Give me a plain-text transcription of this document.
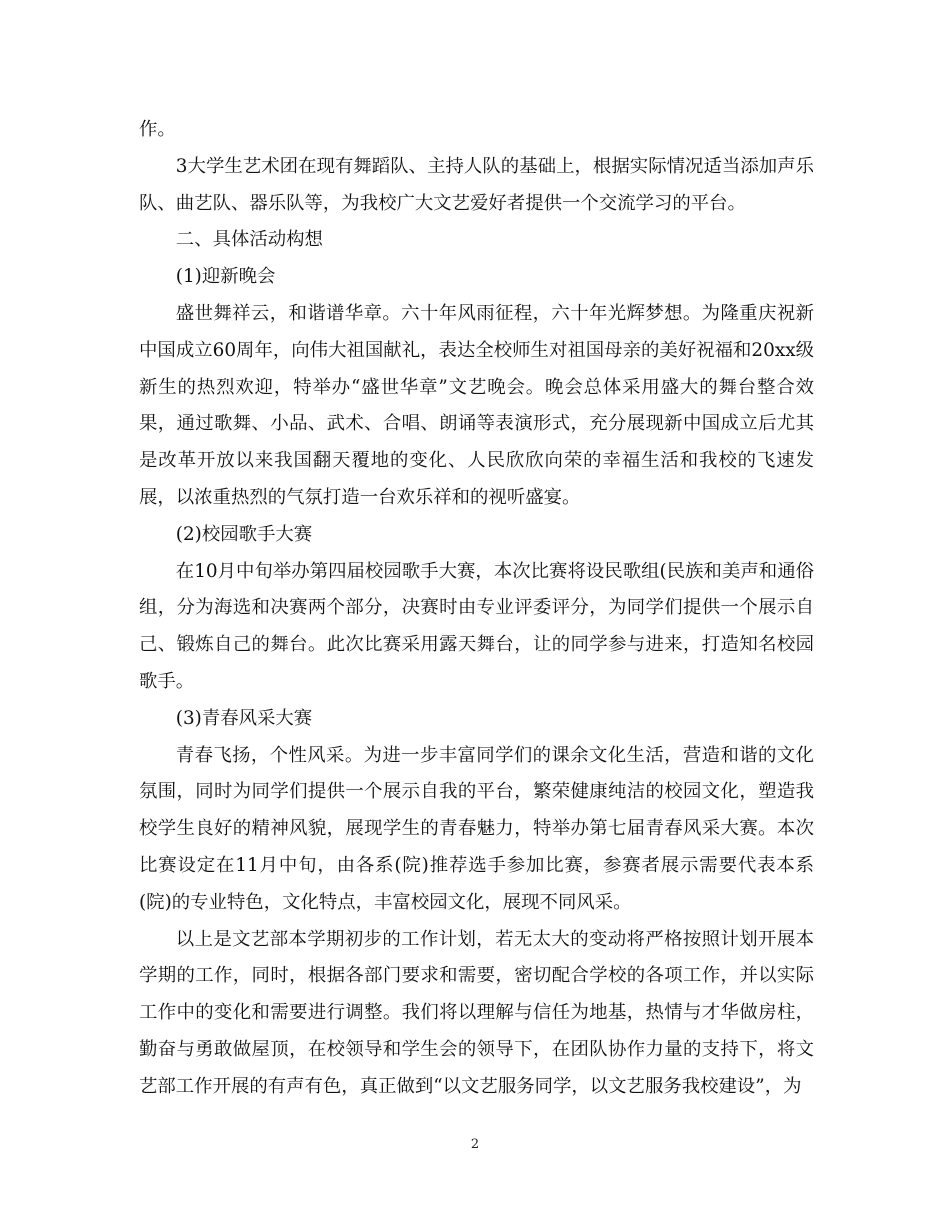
作。

3大学生艺术团在现有舞蹈队、主持人队的基础上，根据实际情况适当添加声乐队、曲艺队、器乐队等，为我校广大文艺爱好者提供一个交流学习的平台。

二、具体活动构想

(1)迎新晚会

盛世舞祥云，和谐谱华章。六十年风雨征程，六十年光辉梦想。为隆重庆祝新中国成立60周年，向伟大祖国献礼，表达全校师生对祖国母亲的美好祝福和20xx级新生的热烈欢迎，特举办“盛世华章”文艺晚会。晚会总体采用盛大的舞台整合效果，通过歌舞、小品、武术、合唱、朗诵等表演形式，充分展现新中国成立后尤其是改革开放以来我国翻天覆地的变化、人民欣欣向荣的幸福生活和我校的飞速发展，以浓重热烈的气氛打造一台欢乐祥和的视听盛宴。

(2)校园歌手大赛

在10月中旬举办第四届校园歌手大赛，本次比赛将设民歌组(民族和美声和通俗组，分为海选和决赛两个部分，决赛时由专业评委评分，为同学们提供一个展示自己、锻炼自己的舞台。此次比赛采用露天舞台，让的同学参与进来，打造知名校园歌手。

(3)青春风采大赛

青春飞扬，个性风采。为进一步丰富同学们的课余文化生活，营造和谐的文化氛围，同时为同学们提供一个展示自我的平台，繁荣健康纯洁的校园文化，塑造我校学生良好的精神风貌，展现学生的青春魅力，特举办第七届青春风采大赛。本次比赛设定在11月中旬，由各系(院)推荐选手参加比赛，参赛者展示需要代表本系(院)的专业特色，文化特点，丰富校园文化，展现不同风采。

以上是文艺部本学期初步的工作计划，若无太大的变动将严格按照计划开展本学期的工作，同时，根据各部门要求和需要，密切配合学校的各项工作，并以实际工作中的变化和需要进行调整。我们将以理解与信任为地基，热情与才华做房柱，勤奋与勇敢做屋顶，在校领导和学生会的领导下，在团队协作力量的支持下，将文艺部工作开展的有声有色，真正做到“以文艺服务同学，以文艺服务我校建设”，为

2
